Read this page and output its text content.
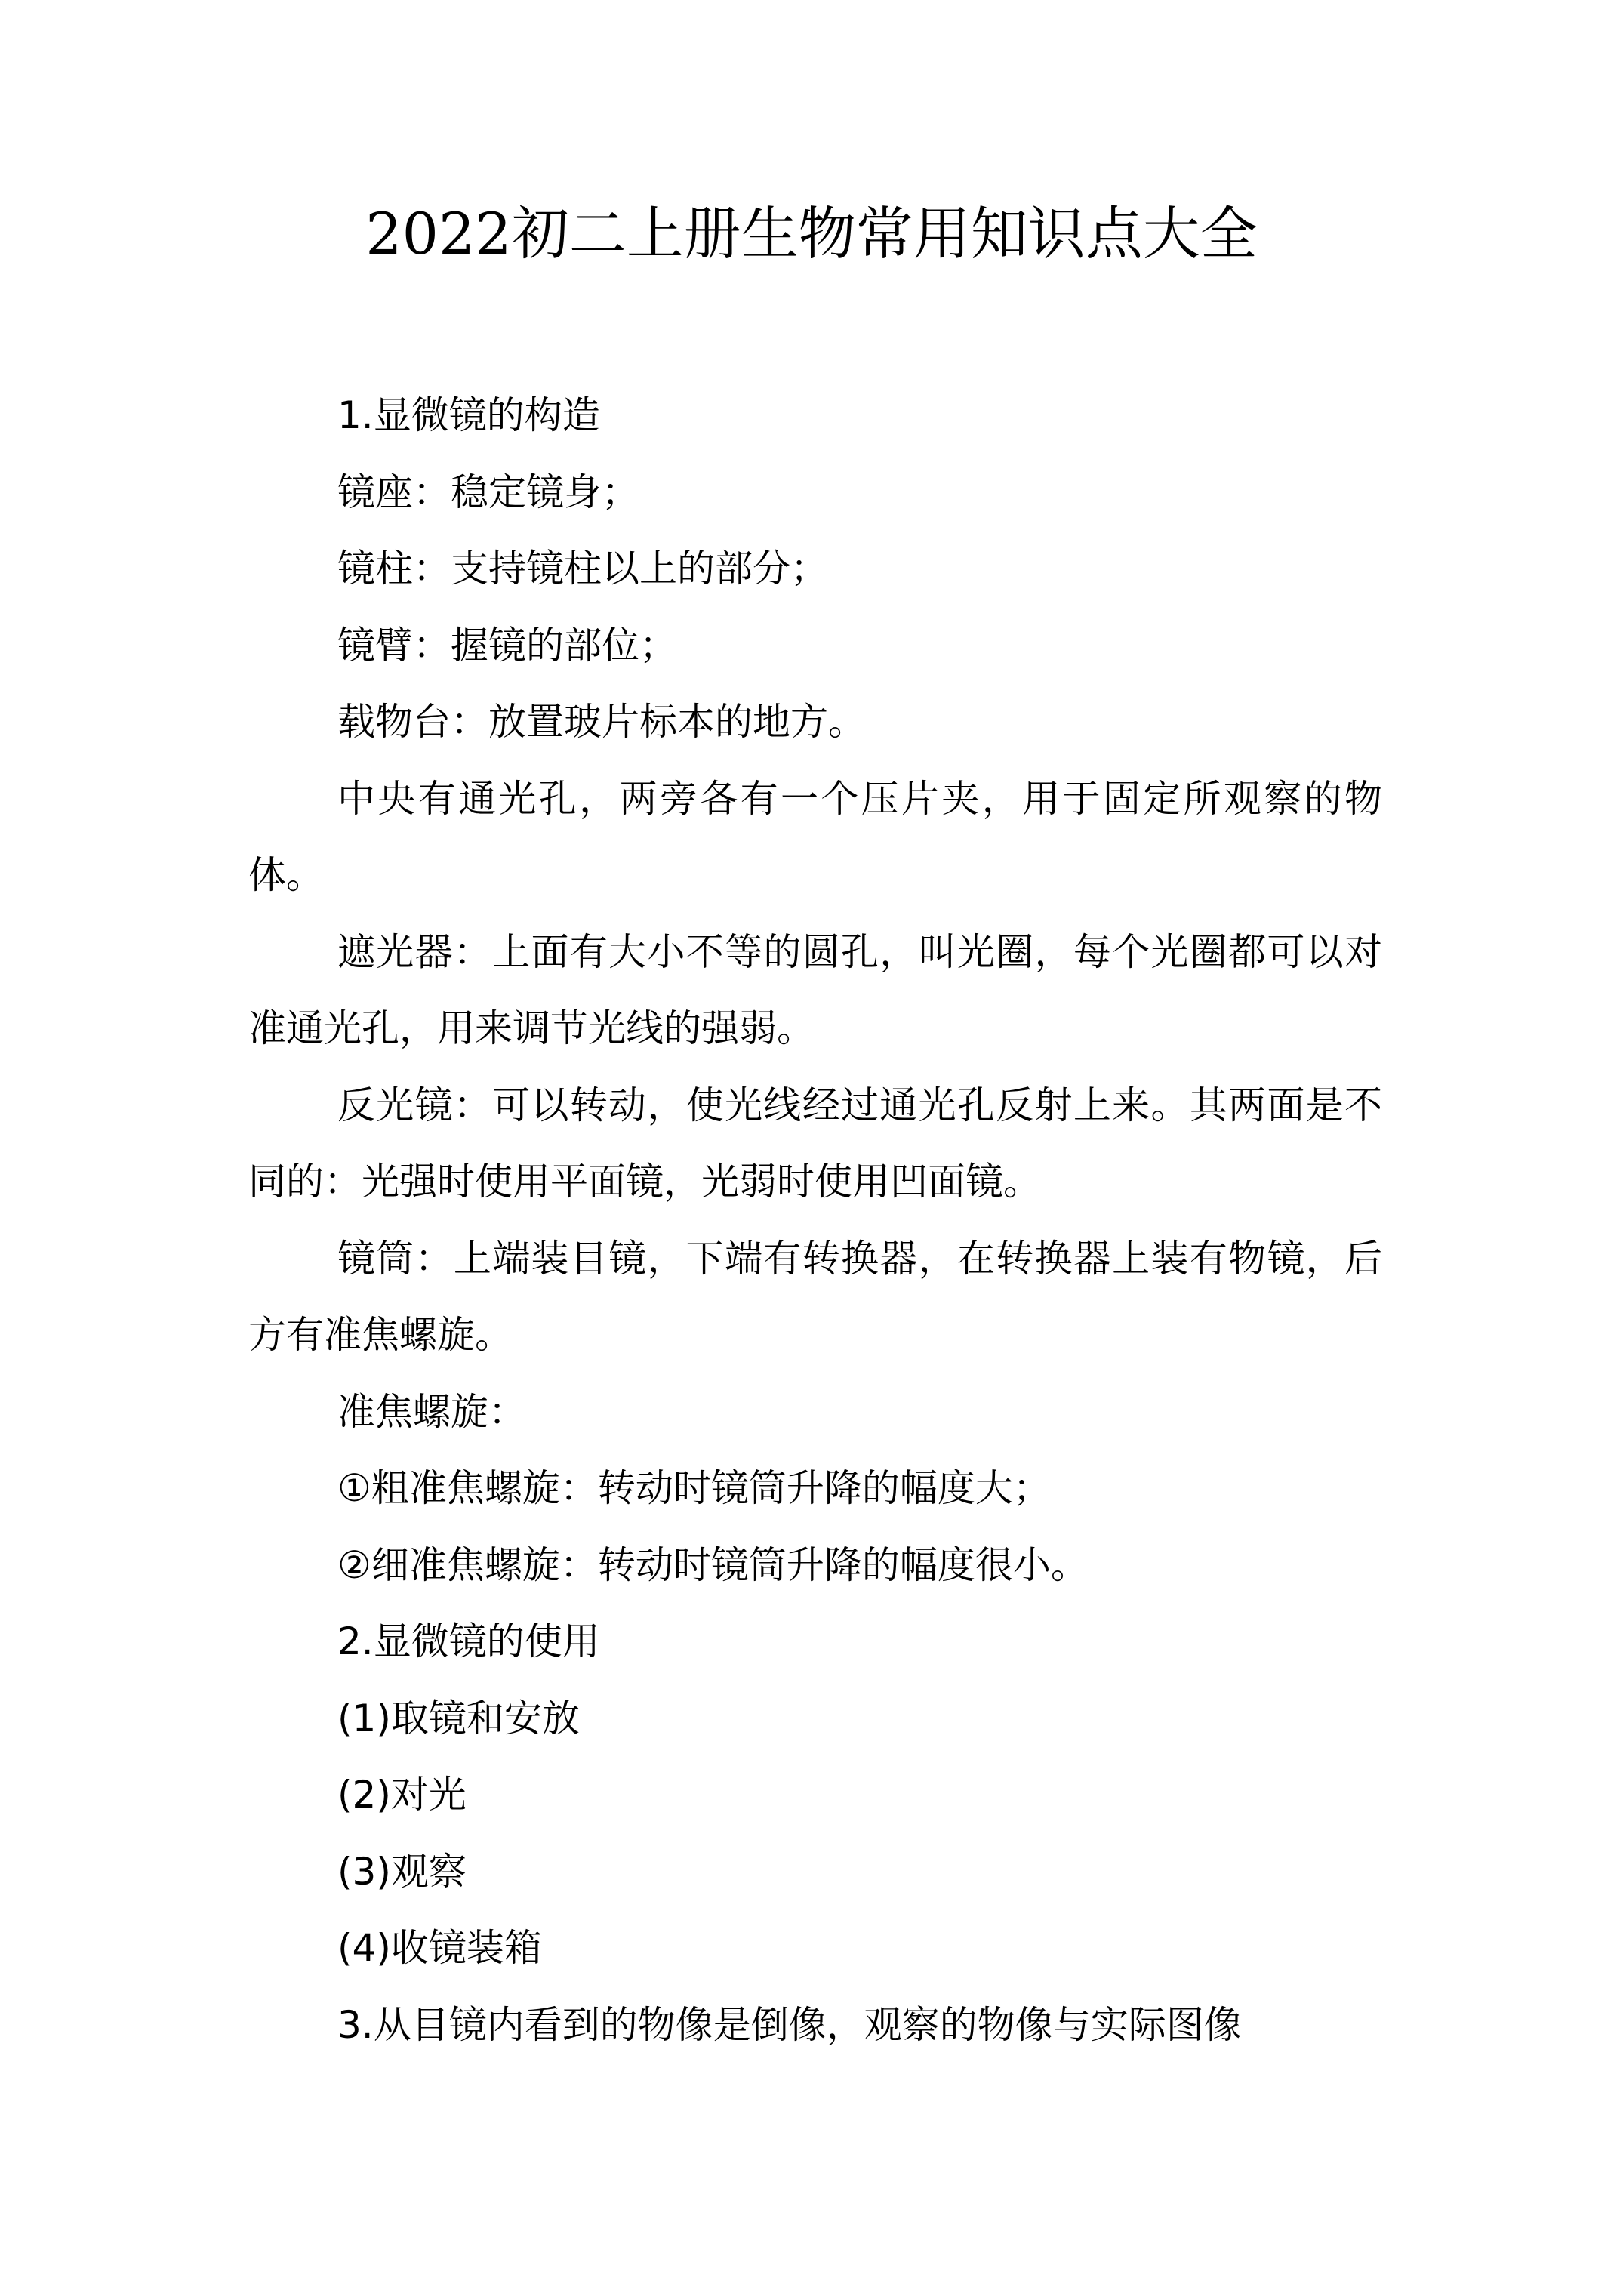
2022初二上册生物常用知识点大全

1.显微镜的构造

镜座：稳定镜身；

镜柱：支持镜柱以上的部分；

镜臂：握镜的部位；

载物台：放置玻片标本的地方。

中央有通光孔，两旁各有一个压片夹，用于固定所观察的物体。

遮光器：上面有大小不等的圆孔，叫光圈，每个光圈都可以对准通光孔，用来调节光线的强弱。

反光镜：可以转动，使光线经过通光孔反射上来。其两面是不同的：光强时使用平面镜，光弱时使用凹面镜。

镜筒：上端装目镜，下端有转换器，在转换器上装有物镜，后方有准焦螺旋。

准焦螺旋：

①粗准焦螺旋：转动时镜筒升降的幅度大；

②细准焦螺旋：转动时镜筒升降的幅度很小。

2.显微镜的使用

(1)取镜和安放

(2)对光

(3)观察

(4)收镜装箱

3.从目镜内看到的物像是倒像，观察的物像与实际图像
